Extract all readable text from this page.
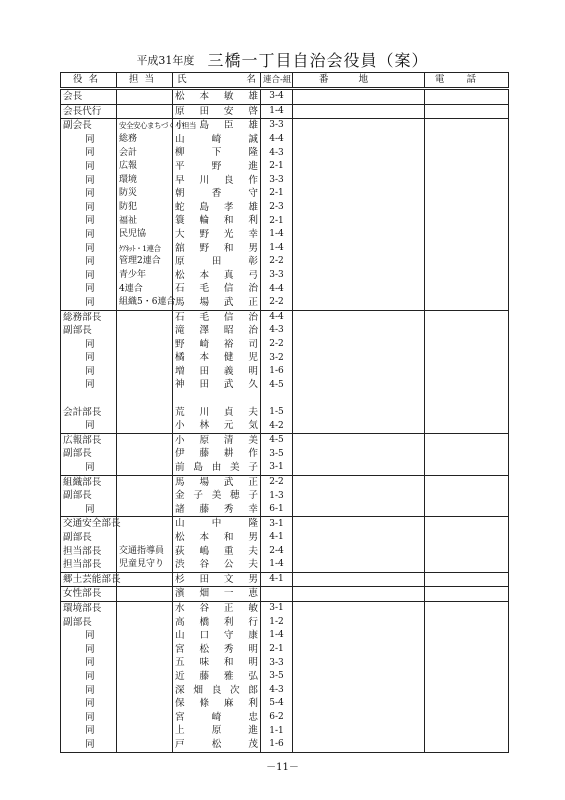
平成31年度 三橋一丁目自治会役員（案）
役名	担当	氏 名	連合-組	番地	電話
会長		松本敏雄	3-4		
会長代行		原田安啓	1-4		
副会長	安全安心まちづくり担当	小島臣雄	3-3		
同	総務	山崎誠	4-4		
同	会計	柳下隆	4-3		
同	広報	平野進	2-1		
同	環境	早川良作	3-3		
同	防災	朝香守	2-1		
同	防犯	蛇島孝雄	2-3		
同	福祉	簑輪和利	2-1		
同	民児協	大野光幸	1-4		
同	ｹｱﾈｯﾄ・1連合	舘野和男	1-4		
同	管理2連合	原田彰	2-2		
同	青少年	松本真弓	3-3		
同	4連合	石毛信治	4-4		
同	組織5・6連合	馬場武正	2-2		
総務部長		石毛信治	4-4		
副部長		滝澤昭治	4-3		
同		野崎裕司	2-2		
同		橘本健児	3-2		
同		増田義明	1-6		
同		神田武久	4-5		

会計部長		荒川貞夫	1-5		
同		小林元気	4-2		
広報部長		小原清美	4-5		
副部長		伊藤耕作	3-5		
同		前島由美子	3-1		
組織部長		馬場武正	2-2		
副部長		金子美穂子	1-3		
同		諸藤秀幸	6-1		
交通安全部長		山中隆	3-1		
副部長		松本和男	4-1		
担当部長	交通指導員	荻嶋重夫	2-4		
担当部長	児童見守り	渋谷公夫	1-4		
郷土芸能部長		杉田文男	4-1		
女性部長		濱畑一恵			
環境部長		水谷正敏	3-1		
副部長		高橋利行	1-2		
同		山口守康	1-4		
同		宮松秀明	2-1		
同		五味和明	3-3		
同		近藤雅弘	3-5		
同		深畑良次郎	4-3		
同		保條麻利	5-4		
同		宮崎忠	6-2		
同		上原進	1-1		
同		戸松茂	1-6		
－11－
